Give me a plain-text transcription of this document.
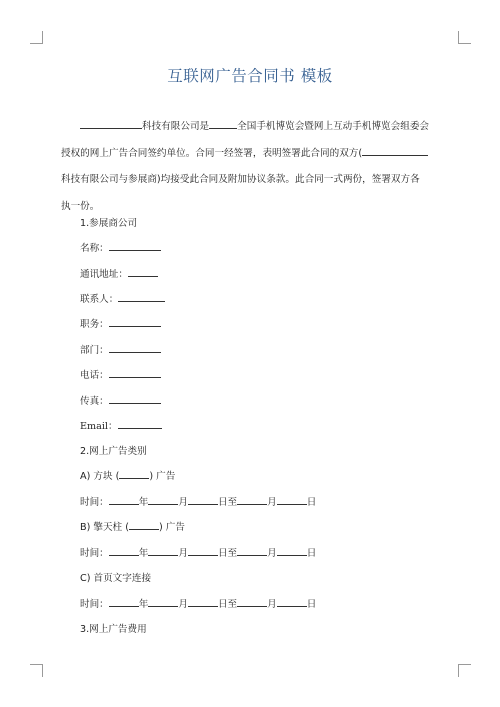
互联网广告合同书 模板

科技有限公司是	全国手机博览会暨网上互动手机博览会组委会

授权的网上广告合同签约单位。合同一经签署，表明签署此合同的双方(

科技有限公司与参展商)均接受此合同及附加协议条款。此合同一式两份，签署双方各

执一份。

1.参展商公司
名称：
通讯地址：
联系人：
职务：
部门：
电话：
传真：
Email：
2.网上广告类别
A) 方块 (	) 广告
时间：	年	月	日至	月	日
B) 擎天柱 (	) 广告
时间：	年	月	日至	月	日
C) 首页文字连接
时间：	年	月	日至	月	日
3.网上广告费用
